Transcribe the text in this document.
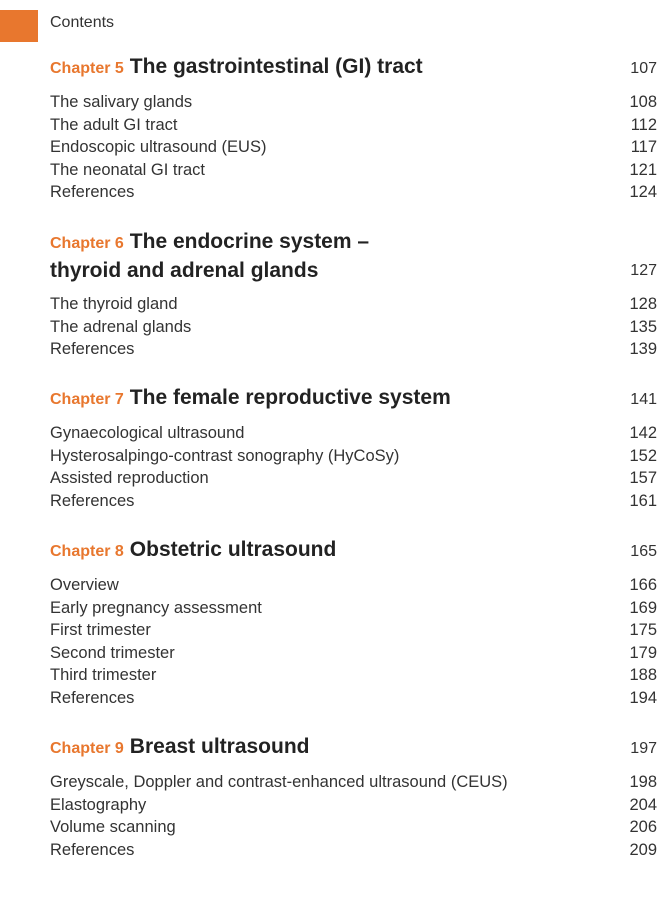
Contents
Chapter 5 The gastrointestinal (GI) tract	107
The salivary glands	108
The adult GI tract	112
Endoscopic ultrasound (EUS)	117
The neonatal GI tract	121
References	124
Chapter 6 The endocrine system –
thyroid and adrenal glands	127
The thyroid gland	128
The adrenal glands	135
References	139
Chapter 7 The female reproductive system	141
Gynaecological ultrasound	142
Hysterosalpingo-contrast sonography (HyCoSy)	152
Assisted reproduction	157
References	161
Chapter 8 Obstetric ultrasound	165
Overview	166
Early pregnancy assessment	169
First trimester	175
Second trimester	179
Third trimester	188
References	194
Chapter 9 Breast ultrasound	197
Greyscale, Doppler and contrast-enhanced ultrasound (CEUS)	198
Elastography	204
Volume scanning	206
References	209
